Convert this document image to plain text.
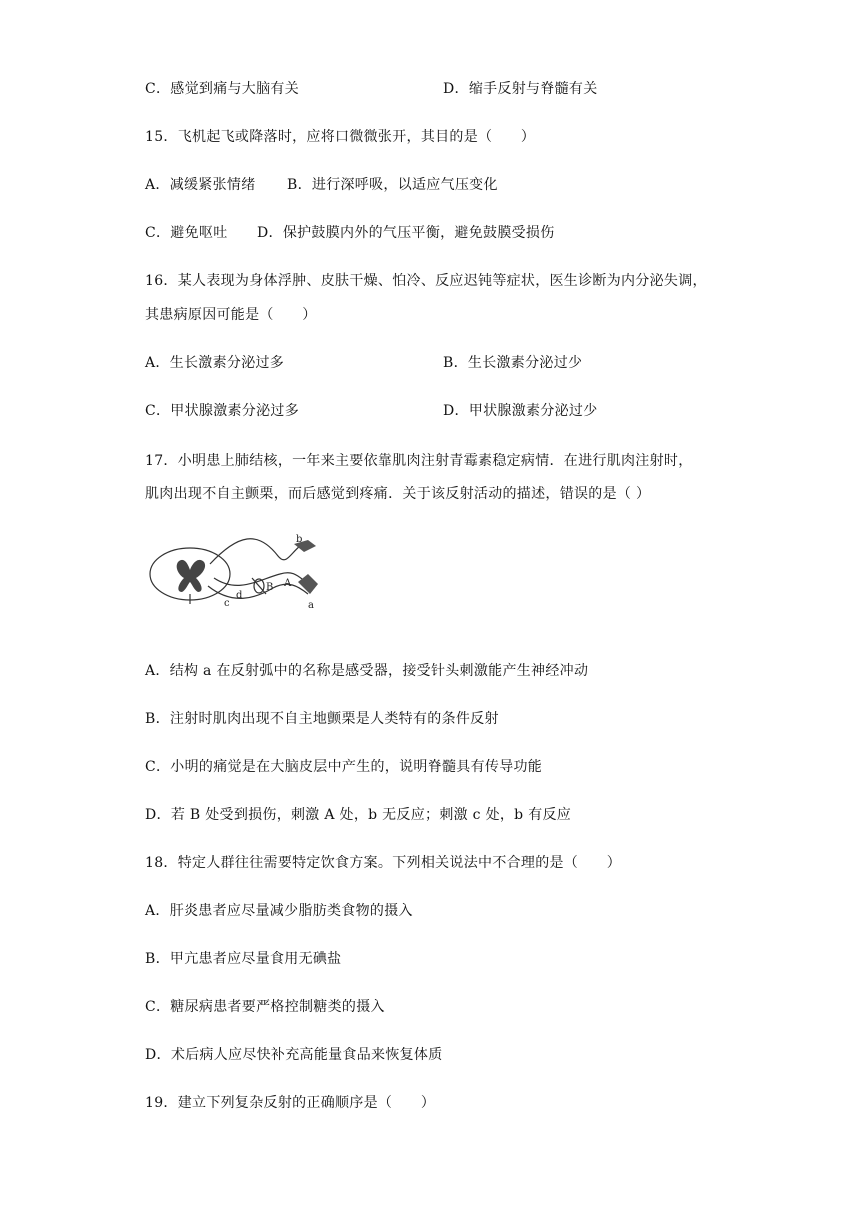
C．感觉到痛与大脑有关	D．缩手反射与脊髓有关
15．飞机起飞或降落时，应将口微微张开，其目的是（　　）
A．减缓紧张情绪 B．进行深呼吸，以适应气压变化
C．避免呕吐 D．保护鼓膜内外的气压平衡，避免鼓膜受损伤
16．某人表现为身体浮肿、皮肤干燥、怕冷、反应迟钝等症状，医生诊断为内分泌失调，
其患病原因可能是（　　）
A．生长激素分泌过多	B．生长激素分泌过少
C．甲状腺激素分泌过多	D．甲状腺激素分泌过少
17．小明患上肺结核，一年来主要依靠肌肉注射青霉素稳定病情．在进行肌肉注射时，
肌肉出现不自主颤栗，而后感觉到疼痛．关于该反射活动的描述，错误的是（ ）
b
a
c
d
B A
A．结构 a 在反射弧中的名称是感受器，接受针头刺激能产生神经冲动
B．注射时肌肉出现不自主地颤栗是人类特有的条件反射
C．小明的痛觉是在大脑皮层中产生的，说明脊髓具有传导功能
D．若 B 处受到损伤，刺激 A 处，b 无反应；刺激 c 处，b 有反应
18．特定人群往往需要特定饮食方案。下列相关说法中不合理的是（　　）
A．肝炎患者应尽量减少脂肪类食物的摄入
B．甲亢患者应尽量食用无碘盐
C．糖尿病患者要严格控制糖类的摄入
D．术后病人应尽快补充高能量食品来恢复体质
19．建立下列复杂反射的正确顺序是（　　）
